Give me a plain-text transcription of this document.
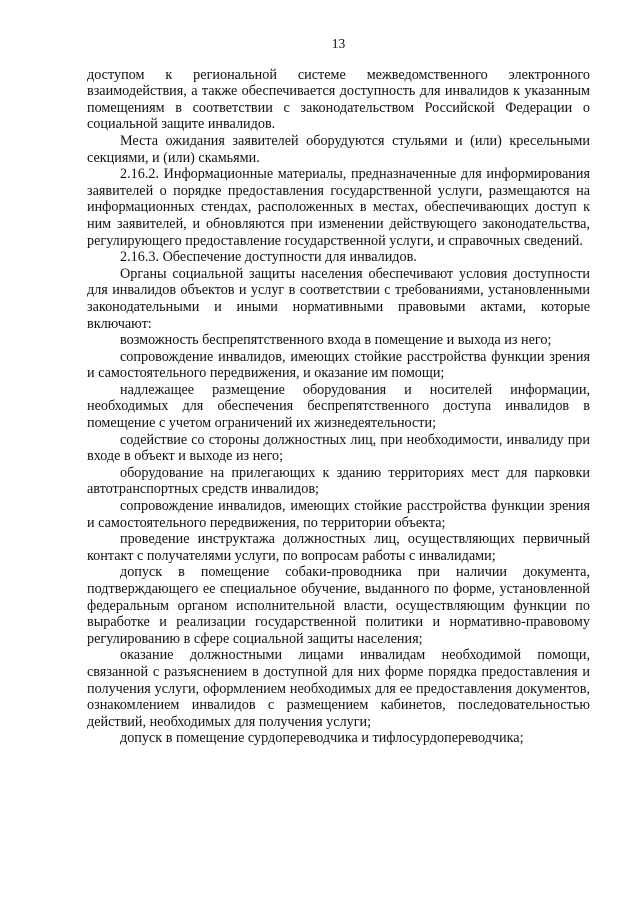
13

доступом к региональной системе межведомственного электронного взаимодействия, а также обеспечивается доступность для инвалидов к указанным помещениям в соответствии с законодательством Российской Федерации о социальной защите инвалидов.

Места ожидания заявителей оборудуются стульями и (или) кресельными секциями, и (или) скамьями.

2.16.2. Информационные материалы, предназначенные для информирования заявителей о порядке предоставления государственной услуги, размещаются на информационных стендах, расположенных в местах, обеспечивающих доступ к ним заявителей, и обновляются при изменении действующего законодательства, регулирующего предоставление государственной услуги, и справочных сведений.

2.16.3. Обеспечение доступности для инвалидов.

Органы социальной защиты населения обеспечивают условия доступности для инвалидов объектов и услуг в соответствии с требованиями, установленными законодательными и иными нормативными правовыми актами, которые включают:

возможность беспрепятственного входа в помещение и выхода из него;

сопровождение инвалидов, имеющих стойкие расстройства функции зрения и самостоятельного передвижения, и оказание им помощи;

надлежащее размещение оборудования и носителей информации, необходимых для обеспечения беспрепятственного доступа инвалидов в помещение с учетом ограничений их жизнедеятельности;

содействие со стороны должностных лиц, при необходимости, инвалиду при входе в объект и выходе из него;

оборудование на прилегающих к зданию территориях мест для парковки автотранспортных средств инвалидов;

сопровождение инвалидов, имеющих стойкие расстройства функции зрения и самостоятельного передвижения, по территории объекта;

проведение инструктажа должностных лиц, осуществляющих первичный контакт с получателями услуги, по вопросам работы с инвалидами;

допуск в помещение собаки-проводника при наличии документа, подтверждающего ее специальное обучение, выданного по форме, установленной федеральным органом исполнительной власти, осуществляющим функции по выработке и реализации государственной политики и нормативно-правовому регулированию в сфере социальной защиты населения;

оказание должностными лицами инвалидам необходимой помощи, связанной с разъяснением в доступной для них форме порядка предоставления и получения услуги, оформлением необходимых для ее предоставления документов, ознакомлением инвалидов с размещением кабинетов, последовательностью действий, необходимых для получения услуги;

допуск в помещение сурдопереводчика и тифлосурдопереводчика;
